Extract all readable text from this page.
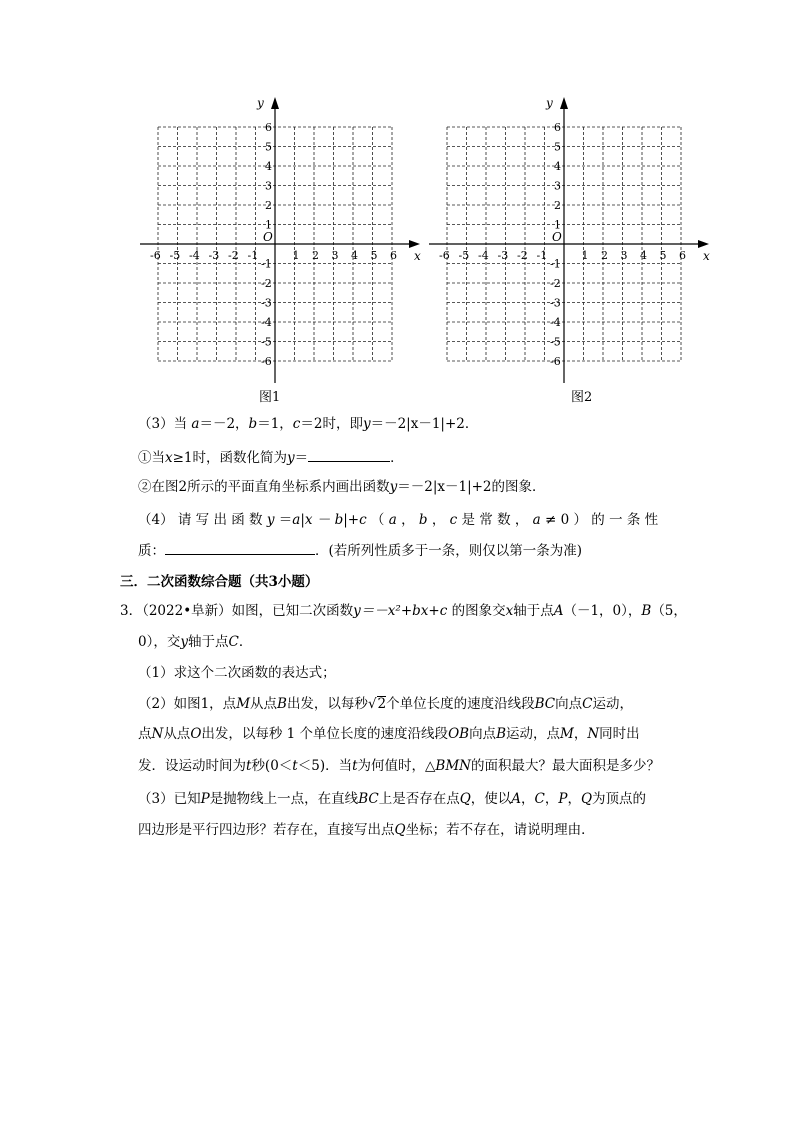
-6 -5 -4 -3 -2 -1	1 2 3 4 5 6
6
5
4
3
2
1
-1
-2
-3
-4
-5
-6
x
y
O
图1
-6 -5 -4 -3 -2 -1	1 2 3 4 5 6
6
5
4
3
2
1
-1
-2
-3
-4
-5
-6
x
y
O
图2
（3）当 a＝－2，b＝1，c＝2时，即y＝－2|x－1|+2．
①当x≥1时，函数化简为y＝	．
②在图2所示的平面直角坐标系内画出函数y＝－2|x－1|+2的图象．
（4） 请 写 出 函 数 y ＝a|x － b|+c （ a ， b ， c 是 常 数 ， a ≠ 0 ） 的 一 条 性
质：	．(若所列性质多于一条，则仅以第一条为准)
三．二次函数综合题（共3小题）
3．（2022•阜新）如图，已知二次函数y＝－x²+bx+c 的图象交x轴于点A（－1，0），B（5，
0），交y轴于点C．
（1）求这个二次函数的表达式；
（2）如图1，点M从点B出发，以每秒√2个单位长度的速度沿线段BC向点C运动，
点N从点O出发，以每秒 1 个单位长度的速度沿线段OB向点B运动，点M，N同时出
发．设运动时间为t秒(0＜t＜5)．当t为何值时，△BMN的面积最大？最大面积是多少？
（3）已知P是抛物线上一点，在直线BC上是否存在点Q，使以A，C，P，Q为顶点的
四边形是平行四边形？若存在，直接写出点Q坐标；若不存在，请说明理由．
